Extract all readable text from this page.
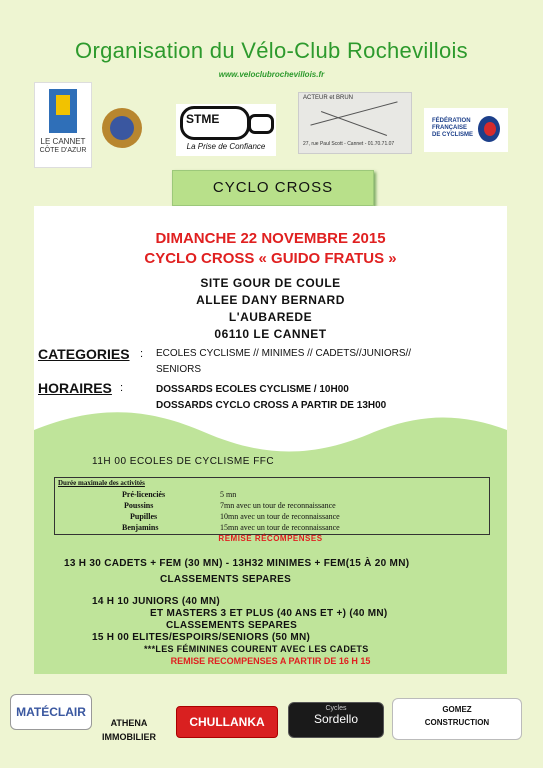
Organisation du Vélo-Club Rochevillois
www.veloclubrochevillois.fr
LE CANNET
CÔTE D'AZUR
STME
La Prise de Confiance
ACTEUR et BRUN
27, rue Paul Scott - Cannet - 01.70.71.07
FÉDÉRATION FRANÇAISE DE CYCLISME
CYCLO CROSS
DIMANCHE 22 NOVEMBRE 2015
CYCLO CROSS « GUIDO FRATUS »
SITE GOUR DE COULE
ALLEE DANY BERNARD
L'AUBAREDE
06110 LE CANNET
CATEGORIES : ECOLES CYCLISME // MINIMES // CADETS//JUNIORS//
SENIORS
HORAIRES :	DOSSARDS ECOLES CYCLISME / 10H00
DOSSARDS CYCLO CROSS A PARTIR DE 13H00
11H 00 ECOLES DE CYCLISME FFC
Durée maximale des activités
Pré-licenciés	5 mn
Poussins	7mn avec un tour de reconnaissance
Pupilles	10mn avec un tour de reconnaissance
Benjamins	15mn avec un tour de reconnaissance
REMISE RÉCOMPENSES
13 H 30 CADETS + FEM (30 MN) - 13H32 MINIMES + FEM(15 À 20 MN)
CLASSEMENTS SEPARES
14 H 10 JUNIORS (40 MN)
ET MASTERS 3 ET PLUS (40 ANS ET +) (40 MN)
CLASSEMENTS SEPARES
15 H 00 ELITES/ESPOIRS/SENIORS (50 MN)
***LES FÉMININES COURENT AVEC LES CADETS
REMISE RECOMPENSES A PARTIR DE 16 H 15
MATÉCLAIR
ATHENA
IMMOBILIER
CHULLANKA
Cycles
Sordello
GOMEZ
CONSTRUCTION
